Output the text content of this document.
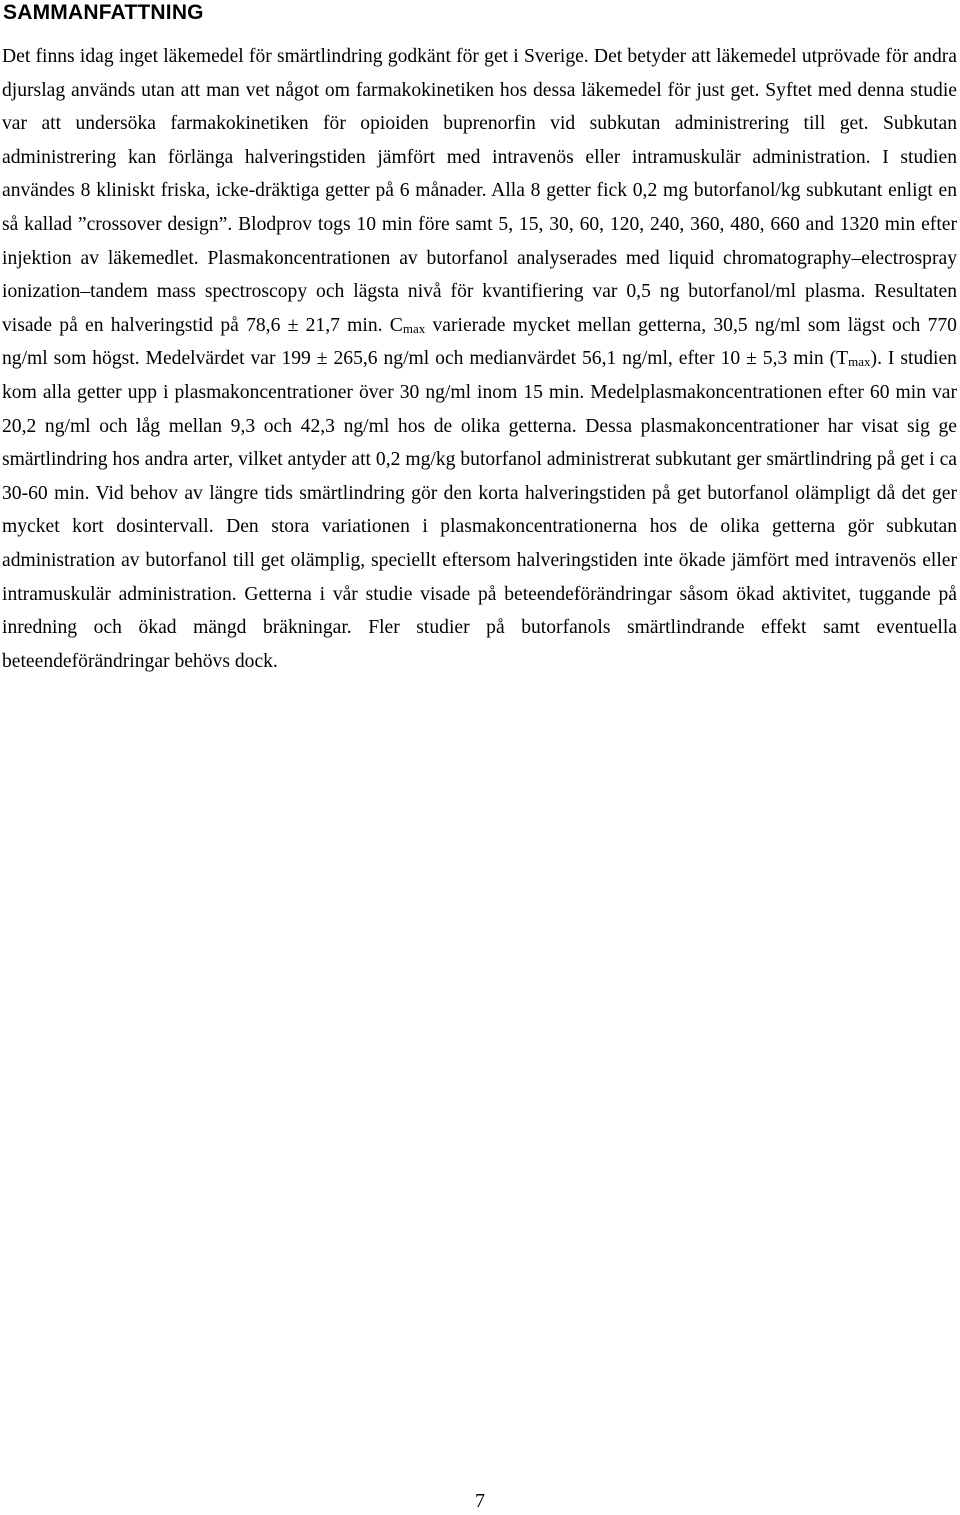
SAMMANFATTNING

Det finns idag inget läkemedel för smärtlindring godkänt för get i Sverige. Det betyder att läkemedel utprövade för andra djurslag används utan att man vet något om farmakokinetiken hos dessa läkemedel för just get. Syftet med denna studie var att undersöka farmakokinetiken för opioiden buprenorfin vid subkutan administrering till get. Subkutan administrering kan förlänga halveringstiden jämfört med intravenös eller intramuskulär administration. I studien användes 8 kliniskt friska, icke-dräktiga getter på 6 månader. Alla 8 getter fick 0,2 mg butorfanol/kg subkutant enligt en så kallad ”crossover design”. Blodprov togs 10 min före samt 5, 15, 30, 60, 120, 240, 360, 480, 660 and 1320 min efter injektion av läkemedlet. Plasmakoncentrationen av butorfanol analyserades med liquid chromatography–electrospray ionization–tandem mass spectroscopy och lägsta nivå för kvantifiering var 0,5 ng butorfanol/ml plasma. Resultaten visade på en halveringstid på 78,6 ± 21,7 min. $C_{max}$ varierade mycket mellan getterna, 30,5 ng/ml som lägst och 770 ng/ml som högst. Medelvärdet var 199 ± 265,6 ng/ml och medianvärdet 56,1 ng/ml, efter 10 ± 5,3 $\min (T_{max})$. I studien kom alla getter upp i plasmakoncentrationer över 30 ng/ml inom 15 min. Medelplasmakoncentrationen efter 60 min var 20,2 ng/ml och låg mellan 9,3 och 42,3 ng/ml hos de olika getterna. Dessa plasmakoncentrationer har visat sig ge smärtlindring hos andra arter, vilket antyder att 0,2 mg/kg butorfanol administrerat subkutant ger smärtlindring på get i ca 30-60 min. Vid behov av längre tids smärtlindring gör den korta halveringstiden på get butorfanol olämpligt då det ger mycket kort dosintervall. Den stora variationen i plasmakoncentrationerna hos de olika getterna gör subkutan administration av butorfanol till get olämplig, speciellt eftersom halveringstiden inte ökade jämfört med intravenös eller intramuskulär administration. Getterna i vår studie visade på beteendeförändringar såsom ökad aktivitet, tuggande på inredning och ökad mängd bräkningar. Fler studier på butorfanols smärtlindrande effekt samt eventuella beteendeförändringar behövs dock.

7
